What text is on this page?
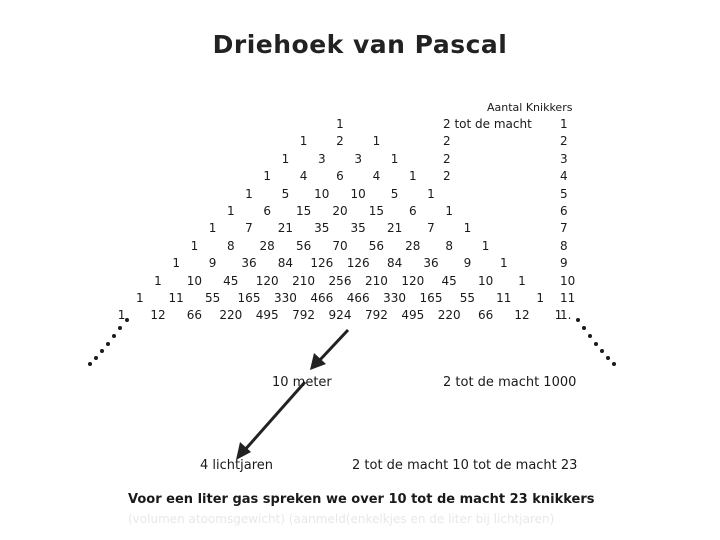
Driehoek van Pascal
Aantal Knikkers
1
1 2 1
1 3 3 1
1 4 6 4 1
1 5 10 10 5 1
1 6 15 20 15 6 1
1 7 21 35 35 21 7 1
1 8 28 56 70 56 28 8 1
1 9 36 84 126 126 84 36 9 1
1 10 45 120 210 256 210 120 45 10 1
1 11 55 165 330 466 466 330 165 55 11 1
1 12 66 220 495 792 924 792 495 220 66 12 1
2 tot de macht
2
2
2
1
2
3
4
5
6
7
8
9
10
11
1.
10 meter	2 tot de macht 1000
4 lichtjaren	2 tot de macht 10 tot de macht 23
Voor een liter gas spreken we over 10 tot de macht 23 knikkers
(volumen atoomsgewicht) (aanmeld(enkelkjes en de liter bij lichtjaren)
